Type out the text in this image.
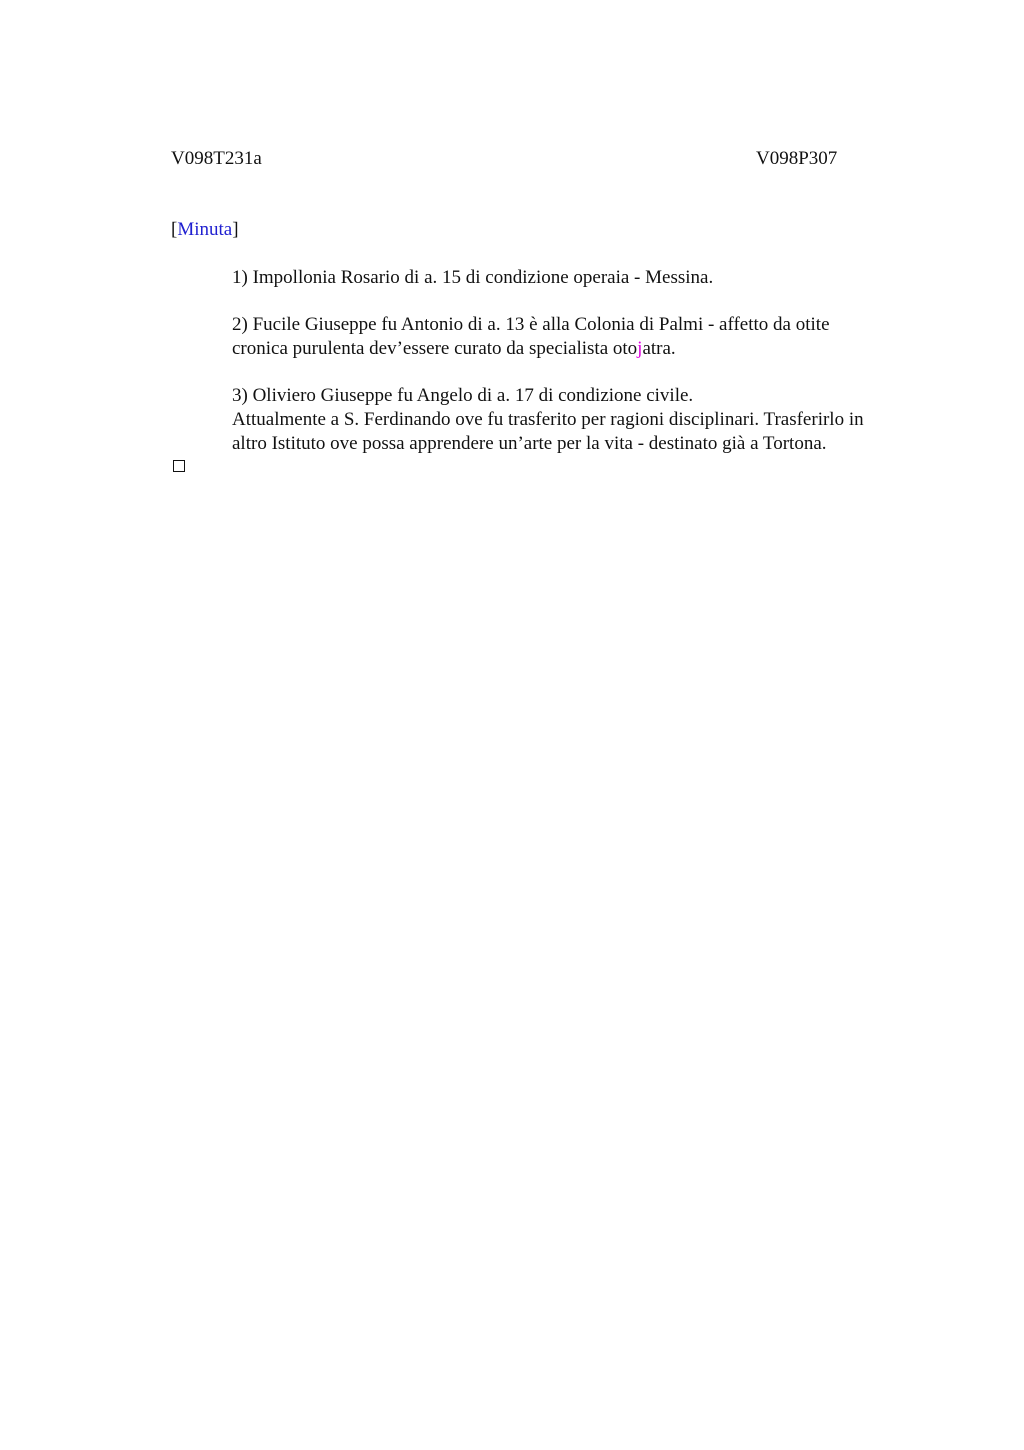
V098T231a	V098P307
[Minuta]
1) Impollonia Rosario di a. 15 di condizione operaia - Messina.
2) Fucile Giuseppe fu Antonio di a. 13 è alla Colonia di Palmi - affetto da otite
cronica purulenta dev’essere curato da specialista otojatra.
3) Oliviero Giuseppe fu Angelo di a. 17 di condizione civile.
Attualmente a S. Ferdinando ove fu trasferito per ragioni disciplinari. Trasferirlo in
altro Istituto ove possa apprendere un’arte per la vita - destinato già a Tortona.
